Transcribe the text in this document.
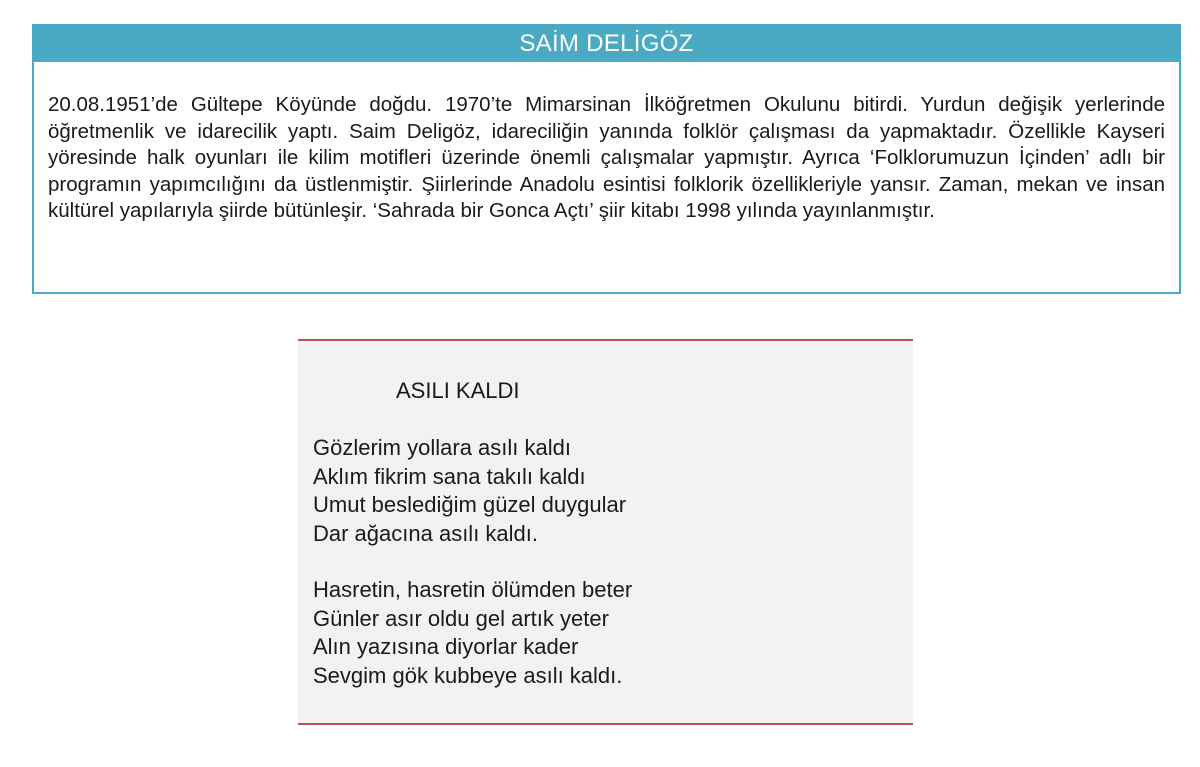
SAİM DELİGÖZ

20.08.1951’de Gültepe Köyünde doğdu. 1970’te Mimarsinan İlköğretmen Okulunu bitirdi. Yurdun değişik yerlerinde öğretmenlik ve idarecilik yaptı. Saim Deligöz, idareciliğin yanında folklör çalışması da yapmaktadır. Özellikle Kayseri yöresinde halk oyunları ile kilim motifleri üzerinde önemli çalışmalar yapmıştır. Ayrıca ‘Folklorumuzun İçinden’ adlı bir programın yapımcılığını da üstlenmiştir. Şiirlerinde Anadolu esintisi folklorik özellikleriyle yansır. Zaman, mekan ve insan kültürel yapılarıyla şiirde bütünleşir. ‘Sahrada bir Gonca Açtı’ şiir kitabı 1998 yılında yayınlanmıştır.

ASILI KALDI
Gözlerim yollara asılı kaldı
Aklım fikrim sana takılı kaldı
Umut beslediğim güzel duygular
Dar ağacına asılı kaldı.
Hasretin, hasretin ölümden beter
Günler asır oldu gel artık yeter
Alın yazısına diyorlar kader
Sevgim gök kubbeye asılı kaldı.
